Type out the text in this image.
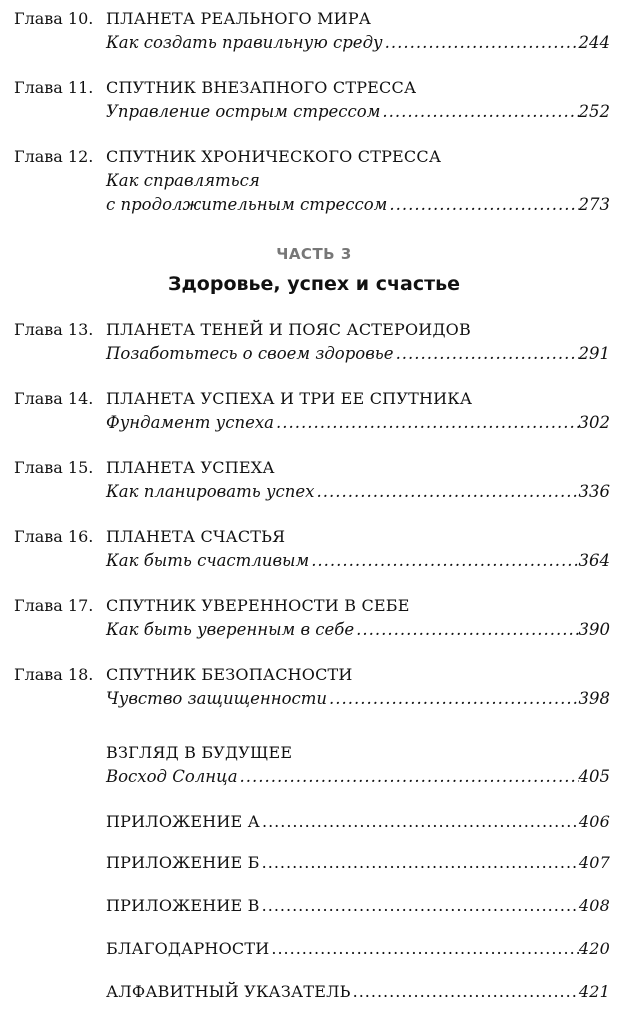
Глава 10. ПЛАНЕТА РЕАЛЬНОГО МИРА
Как создать правильную среду .....	244
Глава 11. СПУТНИК ВНЕЗАПНОГО СТРЕССА
Управление острым стрессом .....	252
Глава 12. СПУТНИК ХРОНИЧЕСКОГО СТРЕССА
Как справляться
с продолжительным стрессом .....	273
ЧАСТЬ 3
Здоровье, успех и счастье
Глава 13. ПЛАНЕТА ТЕНЕЙ И ПОЯС АСТЕРОИДОВ
Позаботьтесь о своем здоровье .....	291
Глава 14. ПЛАНЕТА УСПЕХА И ТРИ ЕЕ СПУТНИКА
Фундамент успеха .....	302
Глава 15. ПЛАНЕТА УСПЕХА
Как планировать успех .....	336
Глава 16. ПЛАНЕТА СЧАСТЬЯ
Как быть счастливым .....	364
Глава 17. СПУТНИК УВЕРЕННОСТИ В СЕБЕ
Как быть уверенным в себе .....	390
Глава 18. СПУТНИК БЕЗОПАСНОСТИ
Чувство защищенности .....	398
ВЗГЛЯД В БУДУЩЕЕ
Восход Солнца .....	405
ПРИЛОЖЕНИЕ А .....	406
ПРИЛОЖЕНИЕ Б .....	407
ПРИЛОЖЕНИЕ В .....	408
БЛАГОДАРНОСТИ .....	420
АЛФАВИТНЫЙ УКАЗАТЕЛЬ .....	421
